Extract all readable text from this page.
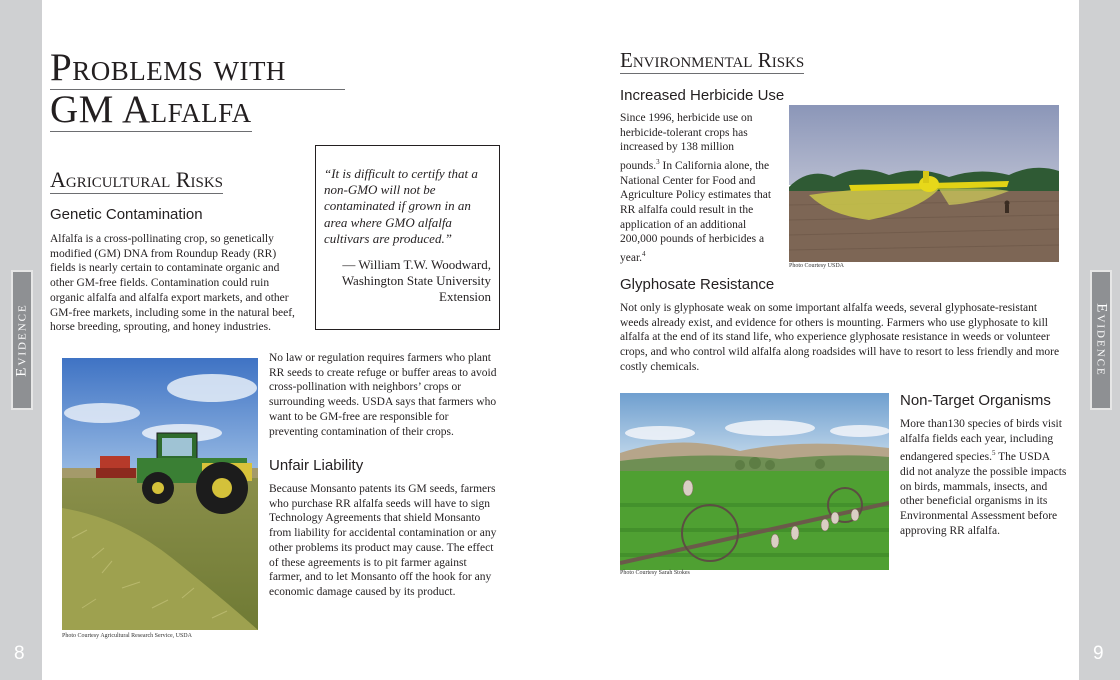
Evidence	Evidence
8	9
Problems with
GM Alfalfa
Agricultural Risks
Genetic Contamination
Alfalfa is a cross-pollinating crop, so genetically modified (GM) DNA from Roundup Ready (RR) fields is nearly certain to contaminate organic and other GM-free fields. Contamination could ruin organic alfalfa and alfalfa export markets, and other GM-free markets, including some in the natural beef, horse breeding, sprouting, and honey industries.
“It is difficult to certify that a non-GMO will not be contaminated if grown in an area where GMO alfalfa cultivars are produced.”
— William T.W. Woodward, Washington State University Extension
Photo Courtesy Agricultural Research Service, USDA
No law or regulation requires farmers who plant RR seeds to create refuge or buffer areas to avoid cross-pollination with neighbors’ crops or surrounding weeds. USDA says that farmers who want to be GM-free are responsible for preventing contamination of their crops.
Unfair Liability
Because Monsanto patents its GM seeds, farmers who purchase RR alfalfa seeds will have to sign Technology Agreements that shield Monsanto from liability for accidental contamination or any other problems its product may cause. The effect of these agreements is to pit farmer against farmer, and to let Monsanto off the hook for any economic damage caused by its product.
Environmental Risks
Increased Herbicide Use
Since 1996, herbicide use on herbicide-tolerant crops has increased by 138 million pounds.$^3$ In California alone, the National Center for Food and Agriculture Policy estimates that RR alfalfa could result in the application of an additional 200,000 pounds of herbicides a year.$^4$
Photo Courtesy USDA
Glyphosate Resistance
Not only is glyphosate weak on some important alfalfa weeds, several glyphosate-resistant weeds already exist, and evidence for others is mounting. Farmers who use glyphosate to kill alfalfa at the end of its stand life, who experience glyphosate resistance in weeds or volunteer crops, and who control wild alfalfa along roadsides will have to resort to less friendly and more costly chemicals.
Photo Courtesy Sarah Stokes
Non-Target Organisms
More than130 species of birds visit alfalfa fields each year, including endangered species.$^5$ The USDA did not analyze the possible impacts on birds, mammals, insects, and other beneficial organisms in its Environmental Assessment before approving RR alfalfa.
